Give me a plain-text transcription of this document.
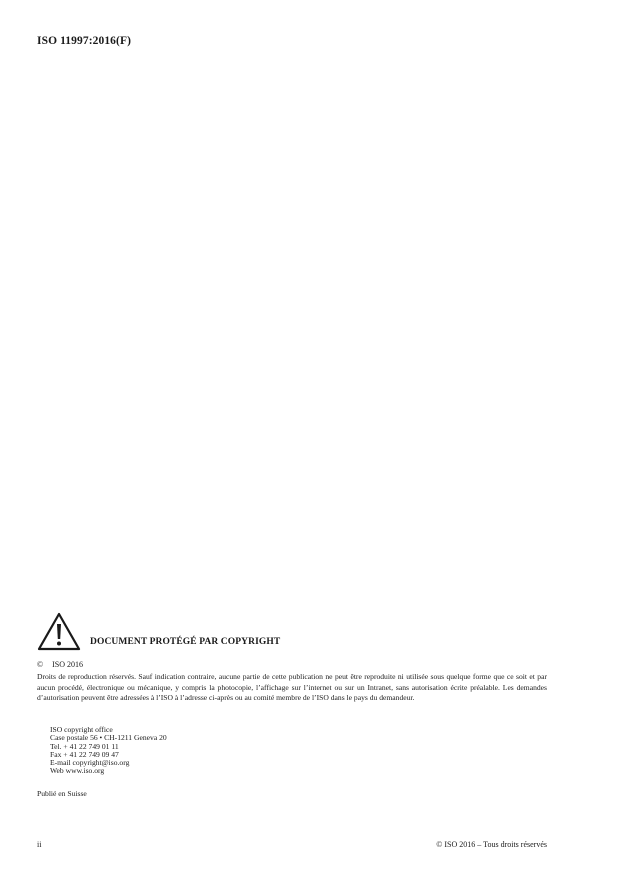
ISO 11997:2016(F)
DOCUMENT PROTÉGÉ PAR COPYRIGHT
© ISO 2016

Droits de reproduction réservés. Sauf indication contraire, aucune partie de cette publication ne peut être reproduite ni utilisée sous quelque forme que ce soit et par aucun procédé, électronique ou mécanique, y compris la photocopie, l’affichage sur l’internet ou sur un Intranet, sans autorisation écrite préalable. Les demandes d’autorisation peuvent être adressées à l’ISO à l’adresse ci-après ou au comité membre de l’ISO dans le pays du demandeur.

ISO copyright office
Case postale 56 • CH-1211 Geneva 20
Tel. + 41 22 749 01 11
Fax + 41 22 749 09 47
E-mail copyright@iso.org
Web www.iso.org
Publié en Suisse
ii	© ISO 2016 – Tous droits réservés
